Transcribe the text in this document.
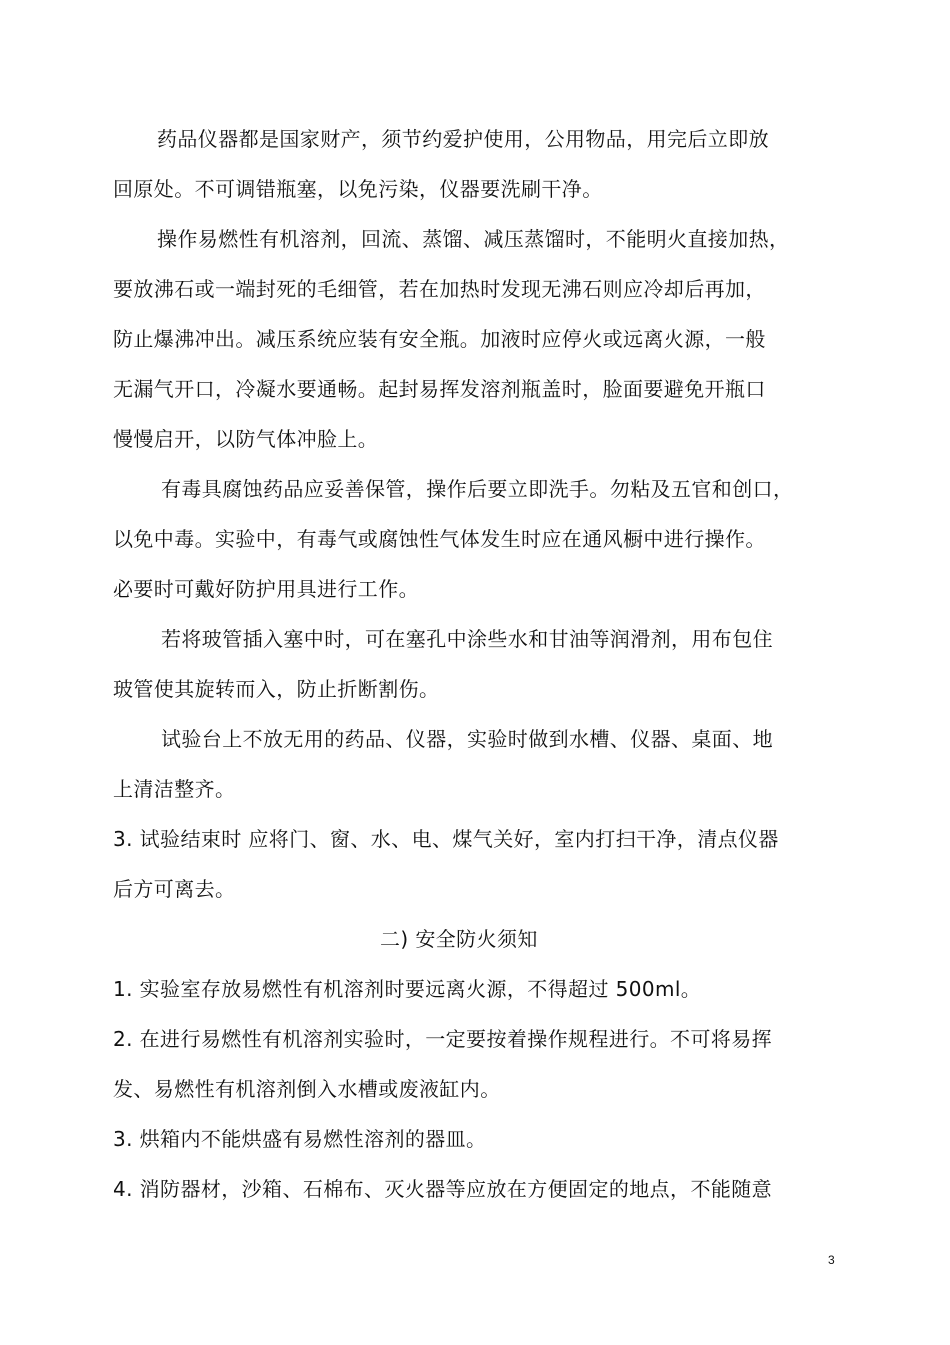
药品仪器都是国家财产，须节约爱护使用，公用物品，用完后立即放
回原处。不可调错瓶塞，以免污染，仪器要洗刷干净。
操作易燃性有机溶剂，回流、蒸馏、减压蒸馏时，不能明火直接加热，
要放沸石或一端封死的毛细管，若在加热时发现无沸石则应冷却后再加，
防止爆沸冲出。减压系统应装有安全瓶。加液时应停火或远离火源，一般
无漏气开口，冷凝水要通畅。起封易挥发溶剂瓶盖时，脸面要避免开瓶口
慢慢启开，以防气体冲脸上。
有毒具腐蚀药品应妥善保管，操作后要立即洗手。勿粘及五官和创口，
以免中毒。实验中，有毒气或腐蚀性气体发生时应在通风橱中进行操作。
必要时可戴好防护用具进行工作。
若将玻管插入塞中时，可在塞孔中涂些水和甘油等润滑剂，用布包住
玻管使其旋转而入，防止折断割伤。
试验台上不放无用的药品、仪器，实验时做到水槽、仪器、桌面、地
上清洁整齐。
3. 试验结束时 应将门、窗、水、电、煤气关好，室内打扫干净，清点仪器
后方可离去。
二) 安全防火须知
1. 实验室存放易燃性有机溶剂时要远离火源，不得超过 500ml。
2. 在进行易燃性有机溶剂实验时，一定要按着操作规程进行。不可将易挥
发、易燃性有机溶剂倒入水槽或废液缸内。
3. 烘箱内不能烘盛有易燃性溶剂的器皿。
4. 消防器材，沙箱、石棉布、灭火器等应放在方便固定的地点，不能随意
3
